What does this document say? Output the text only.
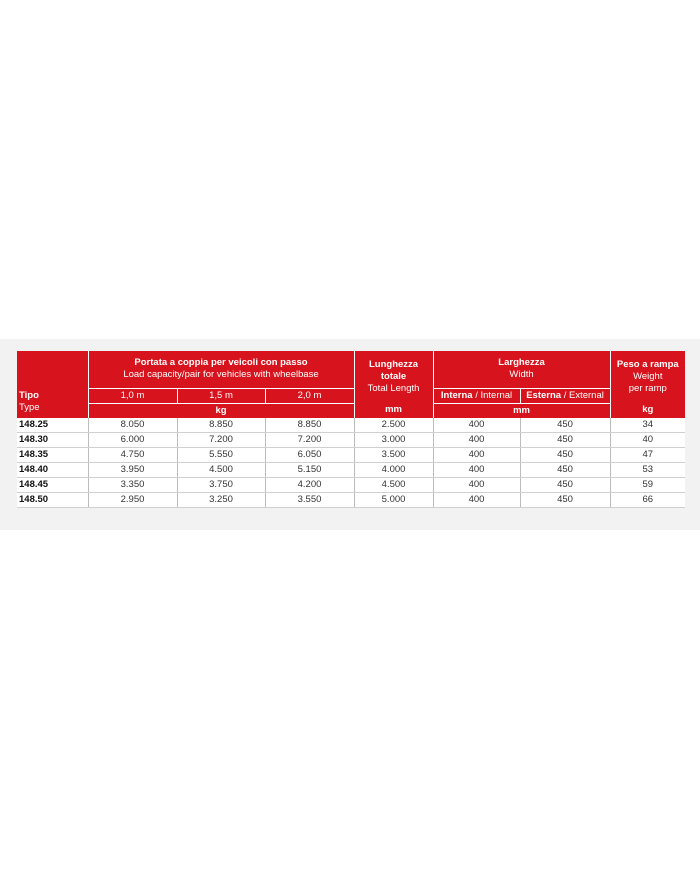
Tipo
Type	Portata a coppia per veicoli con passo
Load capacity/pair for vehicles with wheelbase			Lunghezza
totale
Total Length	Larghezza
Width		Peso a rampa
Weight
per ramp
	1,0 m	1,5 m	2,0 m		Interna / Internal	Esterna / External	
	kg			mm	mm		kg
148.25	8.050	8.850	8.850	2.500	400	450	34
148.30	6.000	7.200	7.200	3.000	400	450	40
148.35	4.750	5.550	6.050	3.500	400	450	47
148.40	3.950	4.500	5.150	4.000	400	450	53
148.45	3.350	3.750	4.200	4.500	400	450	59
148.50	2.950	3.250	3.550	5.000	400	450	66
